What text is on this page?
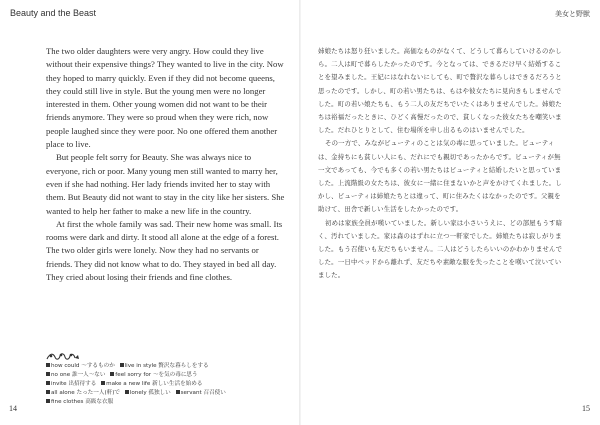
Beauty and the Beast

The two older daughters were very angry. How could they live without their expensive things? They wanted to live in the city. Now they hoped to marry quickly. Even if they did not become queens, they could still live in style. But the young men were no longer interested in them. Other young women did not want to be their friends anymore. They were so proud when they were rich, now people laughed since they were poor. No one offered them another place to live.

But people felt sorry for Beauty. She was always nice to everyone, rich or poor. Many young men still wanted to marry her, even if she had nothing. Her lady friends invited her to stay with them. But Beauty did not want to stay in the city like her sisters. She wanted to help her father to make a new life in the country.

At first the whole family was sad. Their new home was small. Its rooms were dark and dirty. It stood all alone at the edge of a forest. The two older girls were lonely. Now they had no servants or friends. They did not know what to do. They stayed in bed all day. They cried about losing their friends and fine clothes.

how could ～するものか live in style 贅沢な暮らしをする no one 誰一人～ない feel sorry for ～を気の毒に思う invite 出招待する make a new life 新しい生活を始める all alone たった一人(軒)で lonely 孤独しい servant 召召使い fine clothes 高級な衣服
14
美女と野獣

姉娘たちは怒り狂いました。高価なものがなくて、どうして暮らしていけるのかしら。二人は町で暮らしたかったのです。今となっては、できるだけ早く結婚することを望みました。王妃にはなれないにしても、町で贅沢な暮らしはできるだろうと思ったのです。しかし、町の若い男たちは、もはや彼女たちに見向きもしませんでした。町の若い娘たちも、もう二人の友だちでいたくはありませんでした。姉娘たちは裕福だったときに、ひどく高慢だったので、貧しくなった彼女たちを嘲笑いました。だれひとりとして、住む場所を申し出るものはいませんでした。

その一方で、みながビューティのことは気の毒に思っていました。ビューティは、金持ちにも貧しい人にも、だれにでも親切であったからです。ビューティが無一文であっても、今でも多くの若い男たちはビューティと結婚したいと思っていました。上流階級の女たちは、彼女に一緒に住まないかと声をかけてくれました。しかし、ビューティは姉娘たちとは違って、町に住みたくはなかったのです。父親を助けて、田舎で新しい生活をしたかったのです。

初めは家族全員が嘆いていました。新しい家は小さいうえに、どの部屋もうす暗く、汚れていました。家は森のはずれに立つ一軒家でした。姉娘たちは寂しがりました。もう召使いも友だちもいません。二人はどうしたらいいのかわかりませんでした。一日中ベッドから離れず、友だちや素敵な服を失ったことを嘆いて泣いていました。

15
